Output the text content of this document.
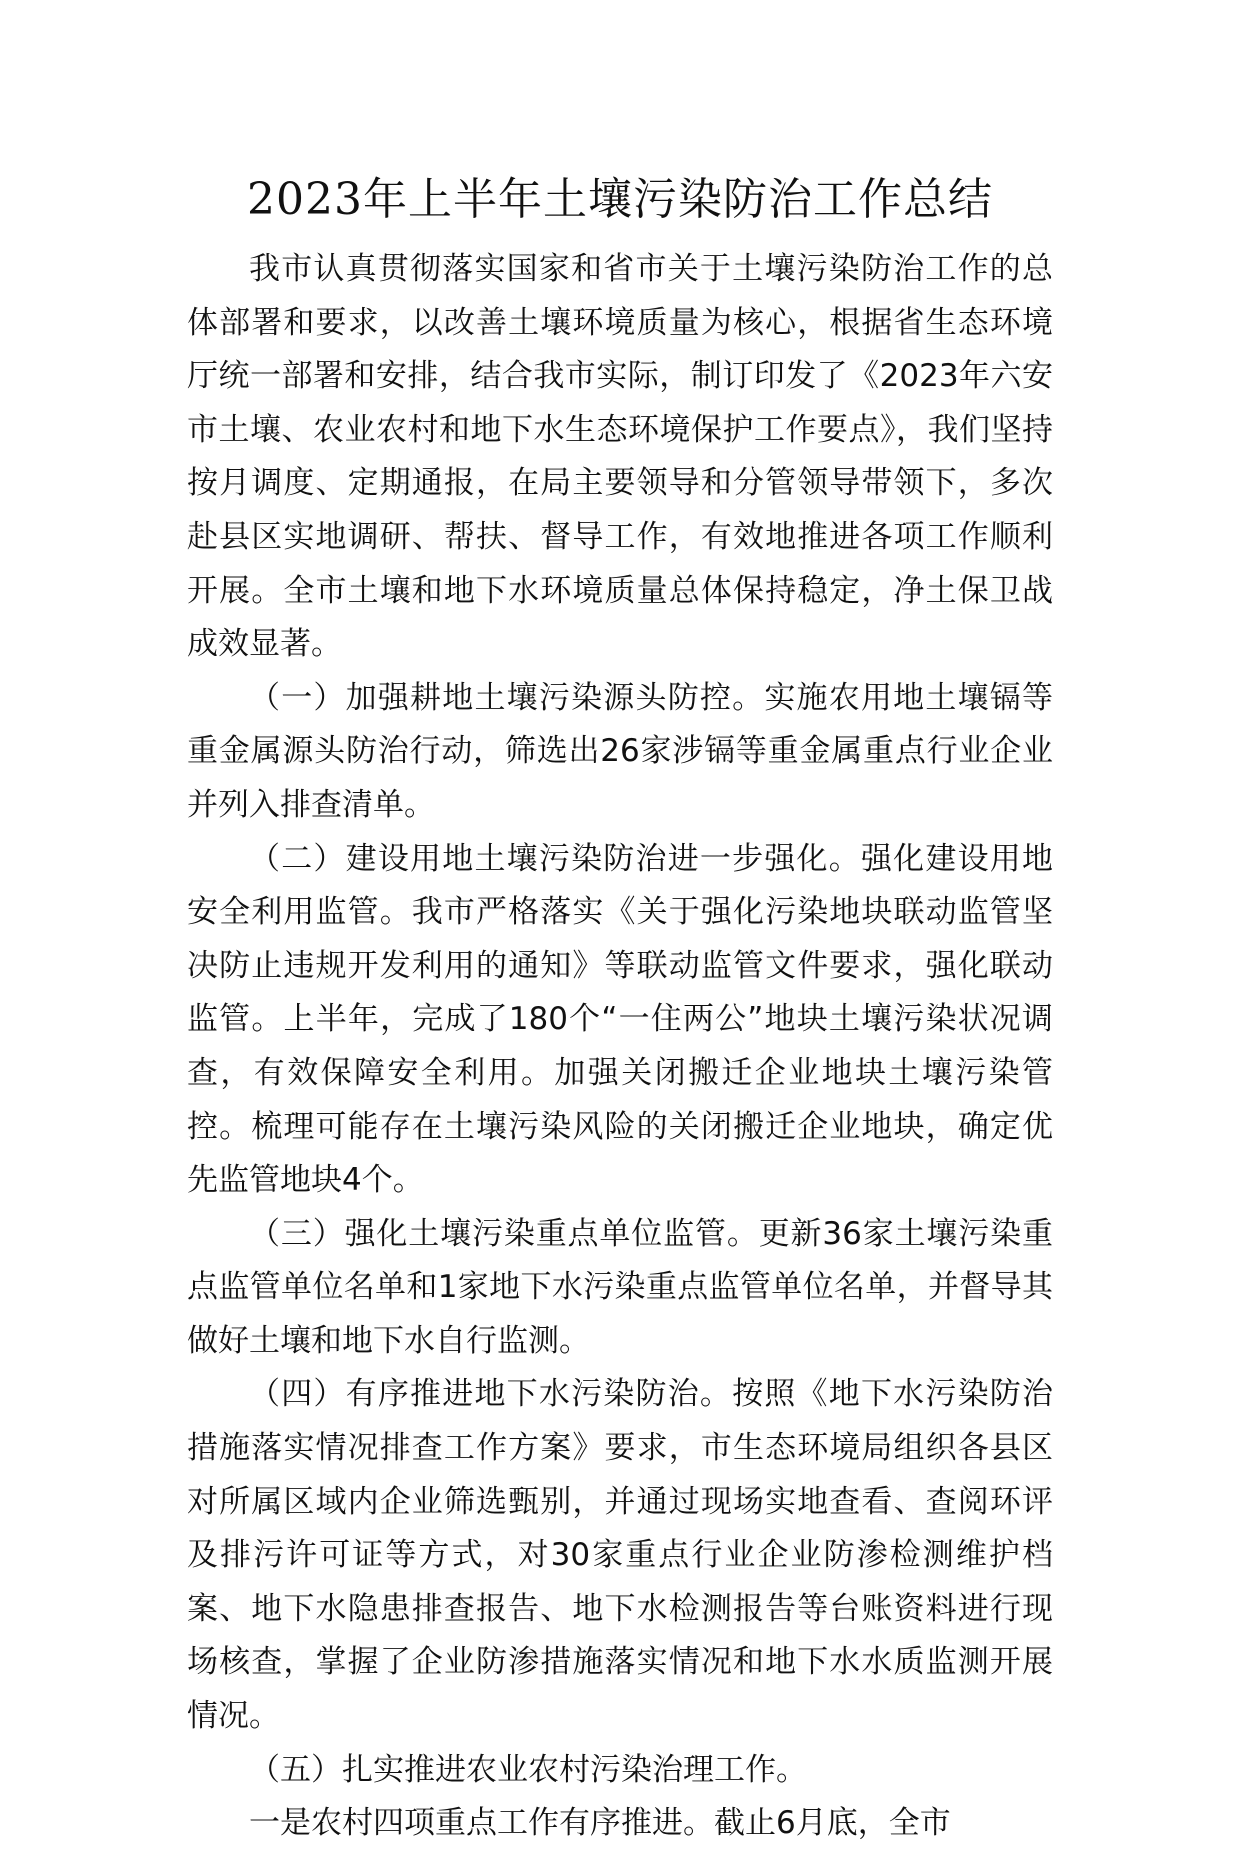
2023年上半年土壤污染防治工作总结

我市认真贯彻落实国家和省市关于土壤污染防治工作的总体部署和要求，以改善土壤环境质量为核心，根据省生态环境厅统一部署和安排，结合我市实际，制订印发了《2023年六安市土壤、农业农村和地下水生态环境保护工作要点》，我们坚持按月调度、定期通报，在局主要领导和分管领导带领下，多次赴县区实地调研、帮扶、督导工作，有效地推进各项工作顺利开展。全市土壤和地下水环境质量总体保持稳定，净土保卫战成效显著。

（一）加强耕地土壤污染源头防控。实施农用地土壤镉等重金属源头防治行动，筛选出26家涉镉等重金属重点行业企业并列入排查清单。

（二）建设用地土壤污染防治进一步强化。强化建设用地安全利用监管。我市严格落实《关于强化污染地块联动监管坚决防止违规开发利用的通知》等联动监管文件要求，强化联动监管。上半年，完成了180个“一住两公”地块土壤污染状况调查，有效保障安全利用。加强关闭搬迁企业地块土壤污染管控。梳理可能存在土壤污染风险的关闭搬迁企业地块，确定优先监管地块4个。

（三）强化土壤污染重点单位监管。更新36家土壤污染重点监管单位名单和1家地下水污染重点监管单位名单，并督导其做好土壤和地下水自行监测。

（四）有序推进地下水污染防治。按照《地下水污染防治措施落实情况排查工作方案》要求，市生态环境局组织各县区对所属区域内企业筛选甄别，并通过现场实地查看、查阅环评及排污许可证等方式，对30家重点行业企业防渗检测维护档案、地下水隐患排查报告、地下水检测报告等台账资料进行现场核查，掌握了企业防渗措施落实情况和地下水水质监测开展情况。

（五）扎实推进农业农村污染治理工作。

一是农村四项重点工作有序推进。截止6月底，全市
